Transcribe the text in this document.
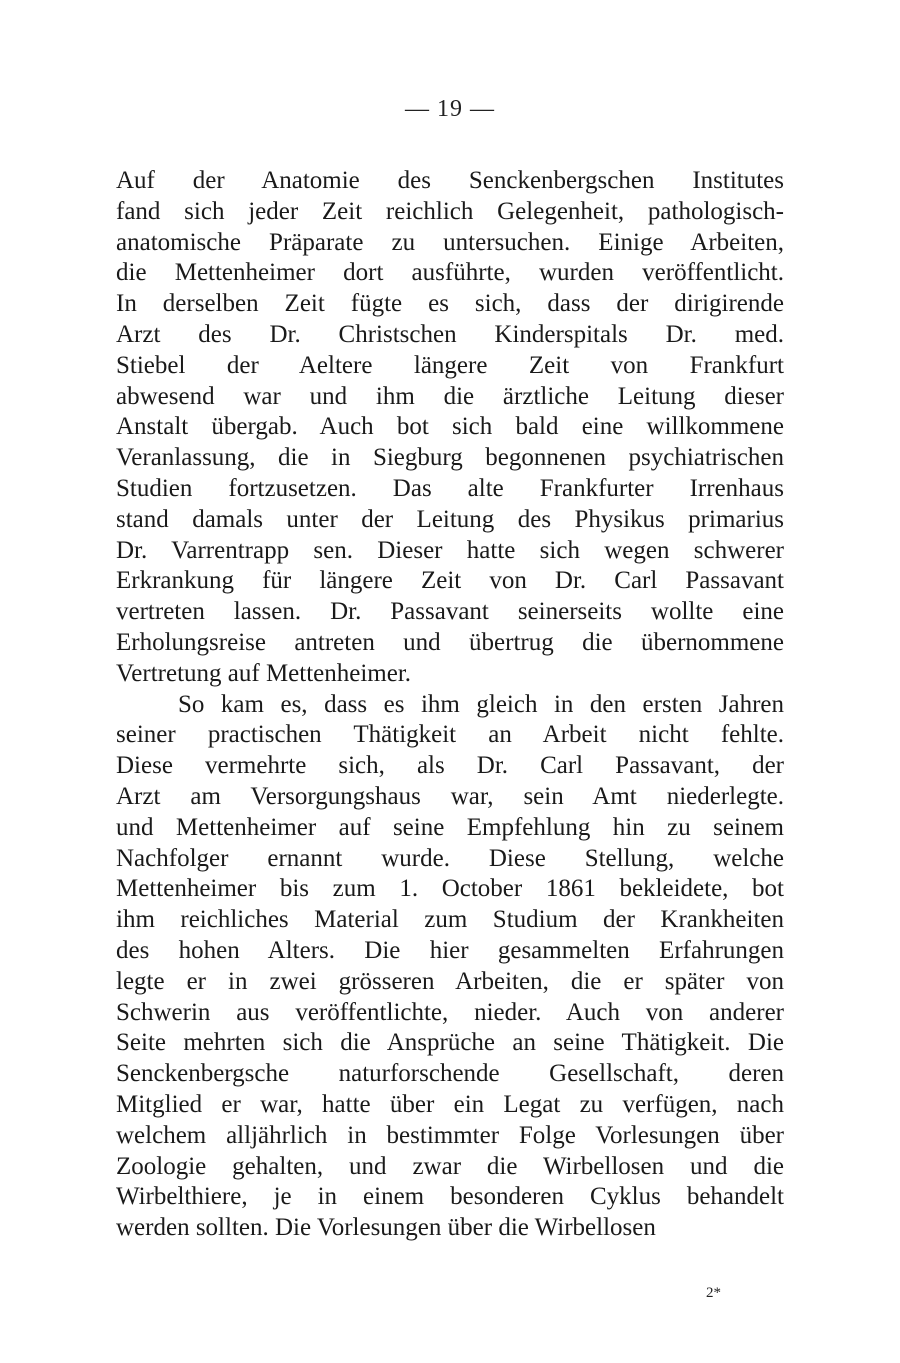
— 19 —
Auf der Anatomie des Senckenbergschen Institutes
fand sich jeder Zeit reichlich Gelegenheit, pathologisch-
anatomische Präparate zu untersuchen. Einige Arbeiten,
die Mettenheimer dort ausführte, wurden veröffentlicht.
In derselben Zeit fügte es sich, dass der dirigirende
Arzt des Dr. Christschen Kinderspitals Dr. med.
Stiebel der Aeltere längere Zeit von Frankfurt
abwesend war und ihm die ärztliche Leitung dieser
Anstalt übergab. Auch bot sich bald eine willkommene
Veranlassung, die in Siegburg begonnenen psychiatrischen
Studien fortzusetzen. Das alte Frankfurter Irrenhaus
stand damals unter der Leitung des Physikus primarius
Dr. Varrentrapp sen. Dieser hatte sich wegen schwerer
Erkrankung für längere Zeit von Dr. Carl Passavant
vertreten lassen. Dr. Passavant seinerseits wollte eine
Erholungsreise antreten und übertrug die übernommene
Vertretung auf Mettenheimer.
So kam es, dass es ihm gleich in den ersten Jahren
seiner practischen Thätigkeit an Arbeit nicht fehlte.
Diese vermehrte sich, als Dr. Carl Passavant, der
Arzt am Versorgungshaus war, sein Amt niederlegte.
und Mettenheimer auf seine Empfehlung hin zu seinem
Nachfolger ernannt wurde. Diese Stellung, welche
Mettenheimer bis zum 1. October 1861 bekleidete, bot
ihm reichliches Material zum Studium der Krankheiten
des hohen Alters. Die hier gesammelten Erfahrungen
legte er in zwei grösseren Arbeiten, die er später von
Schwerin aus veröffentlichte, nieder. Auch von anderer
Seite mehrten sich die Ansprüche an seine Thätigkeit. Die
Senckenbergsche naturforschende Gesellschaft, deren
Mitglied er war, hatte über ein Legat zu verfügen, nach
welchem alljährlich in bestimmter Folge Vorlesungen über
Zoologie gehalten, und zwar die Wirbellosen und die
Wirbelthiere, je in einem besonderen Cyklus behandelt
werden sollten. Die Vorlesungen über die Wirbellosen
2*
